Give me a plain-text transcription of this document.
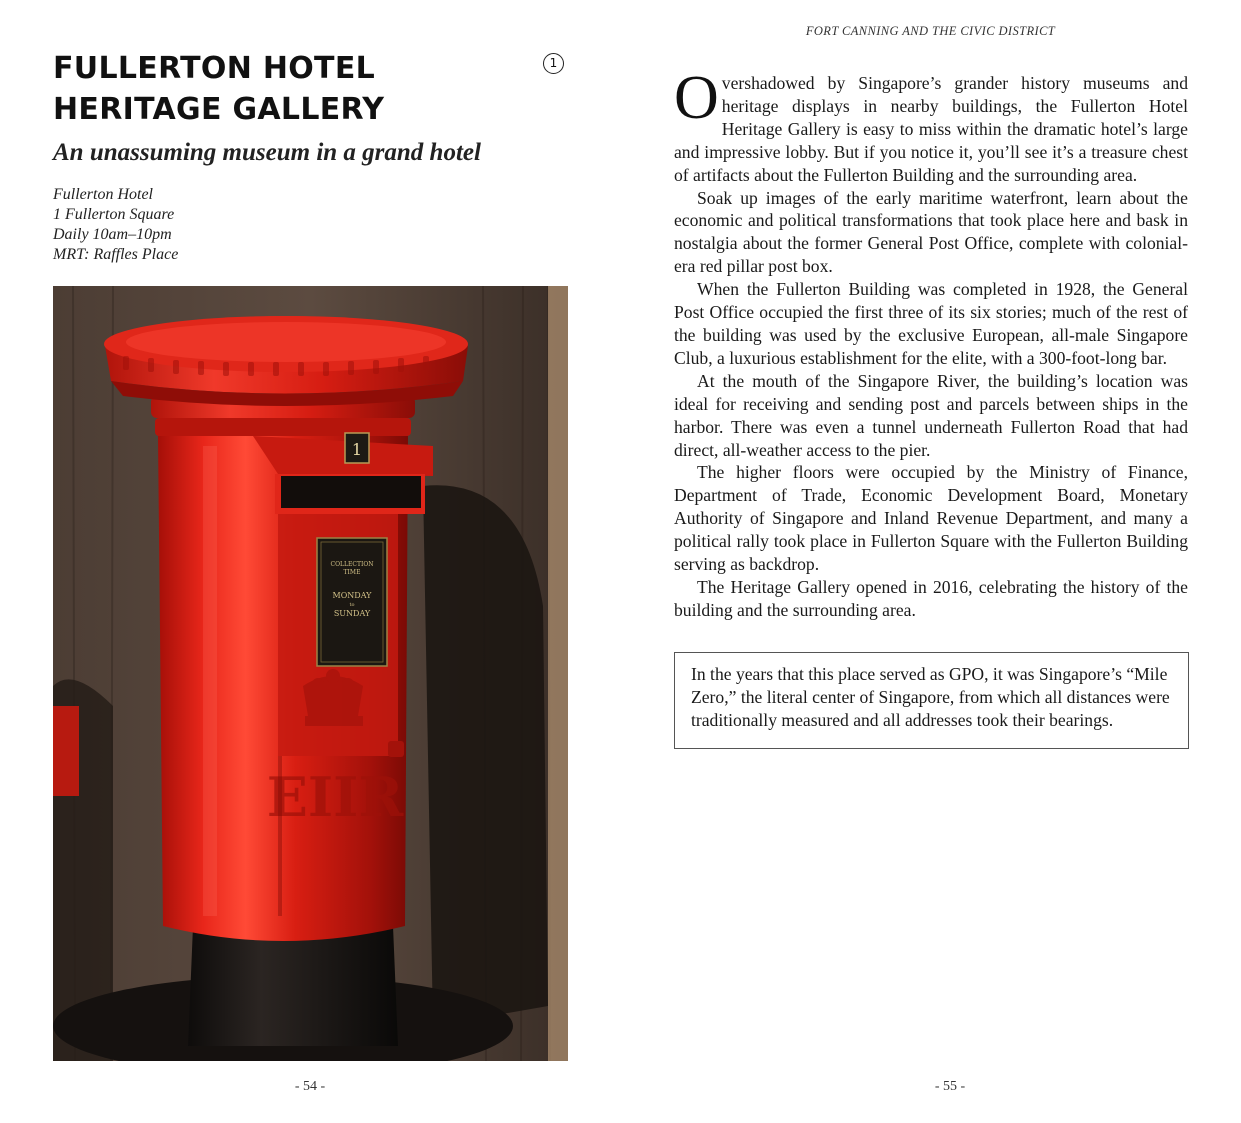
FULLERTON HOTEL HERITAGE GALLERY
1
An unassuming museum in a grand hotel
Fullerton Hotel
1 Fullerton Square
Daily 10am–10pm
MRT: Raffles Place
1
COLLECTION
TIME
MONDAY
to
SUNDAY
EIIR
- 54 -
FORT CANNING AND THE CIVIC DISTRICT

Overshadowed by Singapore’s grander history museums and heritage displays in nearby buildings, the Fullerton Hotel Heritage Gallery is easy to miss within the dramatic hotel’s large and impressive lobby. But if you notice it, you’ll see it’s a treasure chest of artifacts about the Fullerton Building and the surrounding area.

Soak up images of the early maritime waterfront, learn about the economic and political transformations that took place here and bask in nostalgia about the former General Post Office, complete with colonial-era red pillar post box.

When the Fullerton Building was completed in 1928, the General Post Office occupied the first three of its six stories; much of the rest of the building was used by the exclusive European, all-male Singapore Club, a luxurious establishment for the elite, with a 300-foot-long bar.

At the mouth of the Singapore River, the building’s location was ideal for receiving and sending post and parcels between ships in the harbor. There was even a tunnel underneath Fullerton Road that had direct, all-weather access to the pier.

The higher floors were occupied by the Ministry of Finance, Department of Trade, Economic Development Board, Monetary Authority of Singapore and Inland Revenue Department, and many a political rally took place in Fullerton Square with the Fullerton Building serving as backdrop.

The Heritage Gallery opened in 2016, celebrating the history of the building and the surrounding area.

In the years that this place served as GPO, it was Singapore’s “Mile Zero,” the literal center of Singapore, from which all distances were traditionally measured and all addresses took their bearings.
- 55 -
